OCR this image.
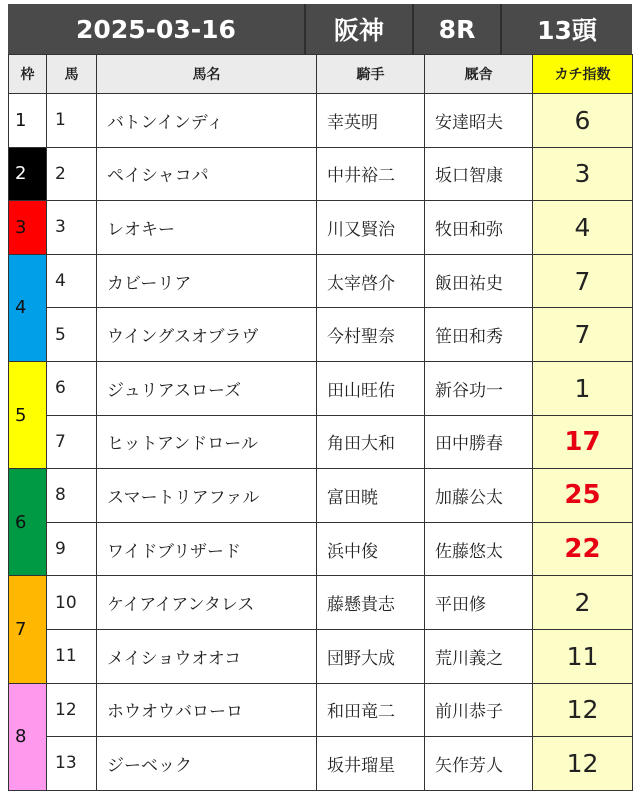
2025-03-16	阪神	8R	13頭
枠	馬	馬名	騎手	厩舎	カチ指数
1	1	バトンインディ	幸英明	安達昭夫	6
2	2	ペイシャコパ	中井裕二	坂口智康	3
3	3	レオキー	川又賢治	牧田和弥	4
4	4	カビーリア	太宰啓介	飯田祐史	7
	5	ウイングスオブラヴ	今村聖奈	笹田和秀	7
5	6	ジュリアスローズ	田山旺佑	新谷功一	1
	7	ヒットアンドロール	角田大和	田中勝春	17
6	8	スマートリアファル	富田暁	加藤公太	25
	9	ワイドブリザード	浜中俊	佐藤悠太	22
7	10	ケイアイアンタレス	藤懸貴志	平田修	2
	11	メイショウオオコ	団野大成	荒川義之	11
8	12	ホウオウバローロ	和田竜二	前川恭子	12
	13	ジーベック	坂井瑠星	矢作芳人	12
